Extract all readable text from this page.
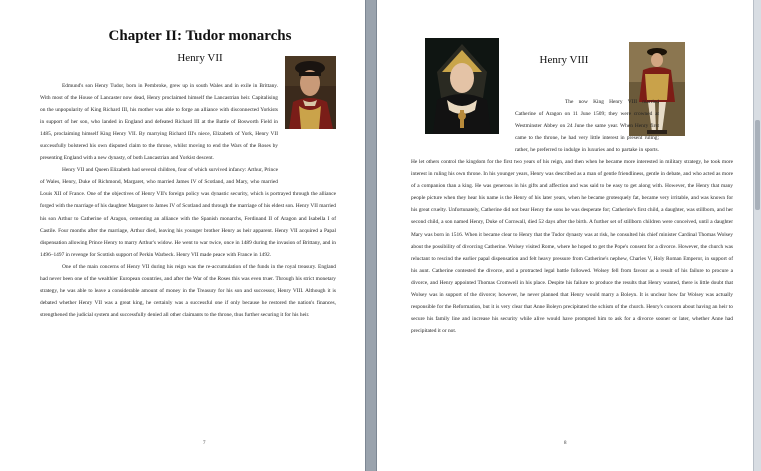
Chapter II: Tudor monarchs
Henry VII
Edmund's son Henry Tudor, born in Pembroke, grew up in south Wales and in exile in Brittany. With most of the House of Lancaster now dead, Henry proclaimed himself the Lancastrian heir. Capitalising on the unpopularity of King Richard III, his mother was able to forge an alliance with disconnected Yorkists in support of her son, who landed in England and defeated Richard III at the Battle of Bosworth Field in 1485, proclaiming himself King Henry VII. By marrying Richard III's niece, Elizabeth of York, Henry VII successfully bolstered his own disputed claim to the throne, whilst moving to end the Wars of the Roses by presenting England with a new dynasty, of both Lancastrian and Yorkist descent.
Henry VII and Queen Elizabeth had several children, four of which survived infancy: Arthur, Prince of Wales, Henry, Duke of Richmond, Margaret, who married James IV of Scotland, and Mary, who married Louis XII of France. One of the objectives of Henry VII's foreign policy was dynastic security, which is portrayed through the alliance forged with the marriage of his daughter Margaret to James IV of Scotland and through the marriage of his eldest son. Henry VII married his son Arthur to Catherine of Aragon, cementing an alliance with the Spanish monarchs, Ferdinand II of Aragon and Isabella I of Castile. Four months after the marriage, Arthur died, leaving his younger brother Henry as heir apparent. Henry VII acquired a Papal dispensation allowing Prince Henry to marry Arthur's widow. He went to war twice, once in 1489 during the invasion of Brittany, and in 1496–1497 in revenge for Scottish support of Perkin Warbeck. Henry VII made peace with France in 1492.
One of the main concerns of Henry VII during his reign was the re-accumulation of the funds in the royal treasury. England had never been one of the wealthier European countries, and after the War of the Roses this was even truer. Through his strict monetary strategy, he was able to leave a considerable amount of money in the Treasury for his son and successor, Henry VIII. Although it is debated whether Henry VII was a great king, he certainly was a successful one if only because he restored the nation's finances, strengthened the judicial system and successfully denied all other claimants to the throne, thus further securing it for his heir.
7
Henry VIII
The now King Henry VIII married Catherine of Aragon on 11 June 1509; they were crowned at Westminster Abbey on 24 June the same year. When Henry first came to the throne, he had very little interest in present ruling; rather, he preferred to indulge in luxuries and to partake in sports. He let others control the kingdom for the first two years of his reign, and then when he became more interested in military strategy, he took more interest in ruling his own throne. In his younger years, Henry was described as a man of gentle friendliness, gentle in debate, and who acted as more of a companion than a king. He was generous in his gifts and affection and was said to be easy to get along with. However, the Henry that many people picture when they hear his name is the Henry of his later years, when he became grotesquely fat, became very irritable, and was known for his great cruelty. Unfortunately, Catherine did not bear Henry the sons he was desperate for; Catherine's first child, a daughter, was stillborn, and her second child, a son named Henry, Duke of Cornwall, died 52 days after the birth. A further set of stillborn children were conceived, until a daughter Mary was born in 1516. When it became clear to Henry that the Tudor dynasty was at risk, he consulted his chief minister Cardinal Thomas Wolsey about the possibility of divorcing Catherine. Wolsey visited Rome, where he hoped to get the Pope's consent for a divorce. However, the church was reluctant to rescind the earlier papal dispensation and felt heavy pressure from Catherine's nephew, Charles V, Holy Roman Emperor, in support of his aunt. Catherine contested the divorce, and a protracted legal battle followed. Wolsey fell from favour as a result of his failure to procure a divorce, and Henry appointed Thomas Cromwell in his place. Despite his failure to produce the results that Henry wanted, there is little doubt that Wolsey was in support of the divorce; however, he never planned that Henry would marry a Boleyn. It is unclear how far Wolsey was actually responsible for the Reformation, but it is very clear that Anne Boleyn precipitated the schism of the church. Henry's concern about having an heir to secure his family line and increase his security while alive would have prompted him to ask for a divorce sooner or later, whether Anne had precipitated it or not.
8
